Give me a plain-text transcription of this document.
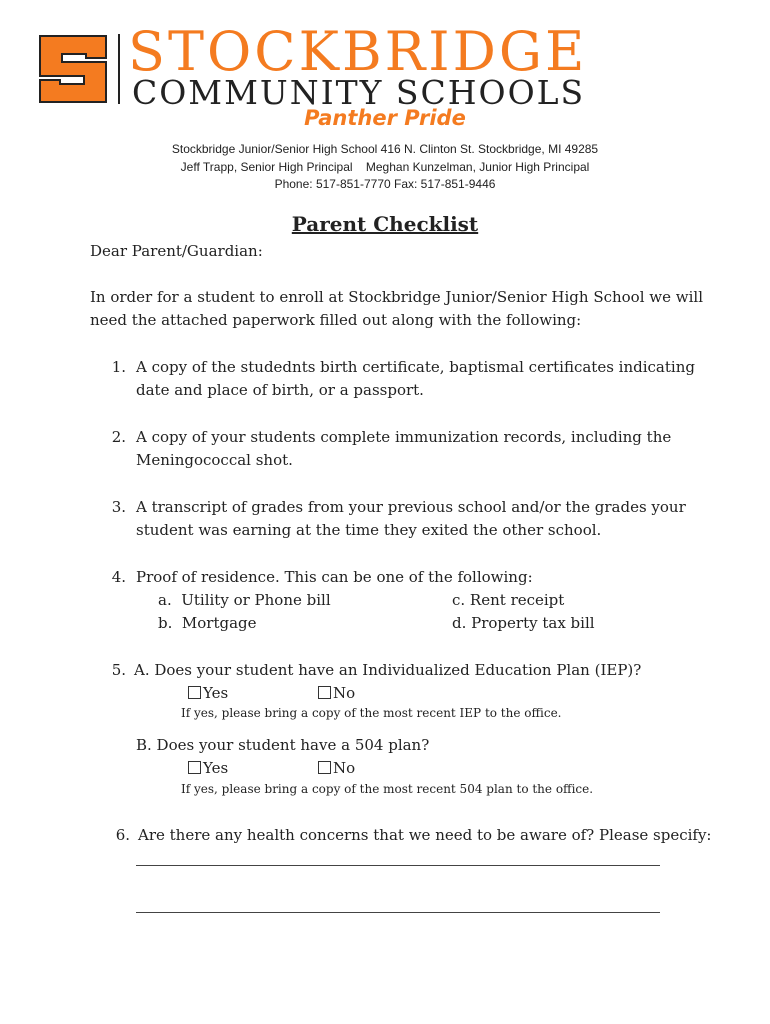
STOCKBRIDGE
COMMUNITY SCHOOLS
Panther Pride
Stockbridge Junior/Senior High School 416 N. Clinton St. Stockbridge, MI 49285
Jeff Trapp, Senior High Principal    Meghan Kunzelman, Junior High Principal
Phone: 517-851-7770 Fax: 517-851-9446
Parent Checklist
Dear Parent/Guardian:
In order for a student to enroll at Stockbridge Junior/Senior High School we will
need the attached paperwork filled out along with the following:
1. A copy of the studednts birth certificate, baptismal certificates indicating
date and place of birth, or a passport.
2. A copy of your students complete immunization records, including the
Meningococcal shot.
3. A transcript of grades from your previous school and/or the grades your
student was earning at the time they exited the other school.
4. Proof of residence. This can be one of the following:
a.  Utility or Phone bill	c. Rent receipt
b.  Mortgage	d. Property tax bill
5. A. Does your student have an Individualized Education Plan (IEP)?
Yes	No
If yes, please bring a copy of the most recent IEP to the office.
B. Does your student have a 504 plan?
Yes	No
If yes, please bring a copy of the most recent 504 plan to the office.
6. Are there any health concerns that we need to be aware of? Please specify:
